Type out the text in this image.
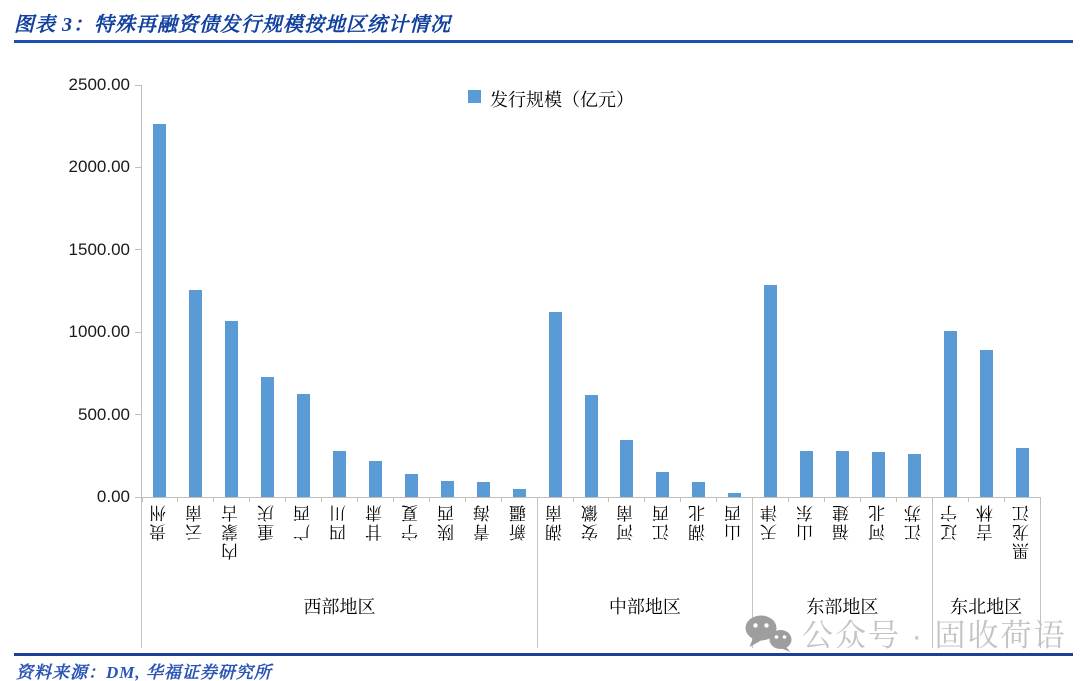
图表 3：特殊再融资债发行规模按地区统计情况
发行规模（亿元）
0.00
500.00
1000.00
1500.00
2000.00
2500.00
贵州 云南 内蒙古 重庆 广西 四川 甘肃 宁夏 陕西 青海 新疆 湖南 安徽 河南 江西 湖北 山西 天津 山东 福建 河北 江苏 辽宁 吉林 黑龙江
西部地区	中部地区	东部地区	东北地区
公众号 · 固收荷语
资料来源：DM, 华福证券研究所
